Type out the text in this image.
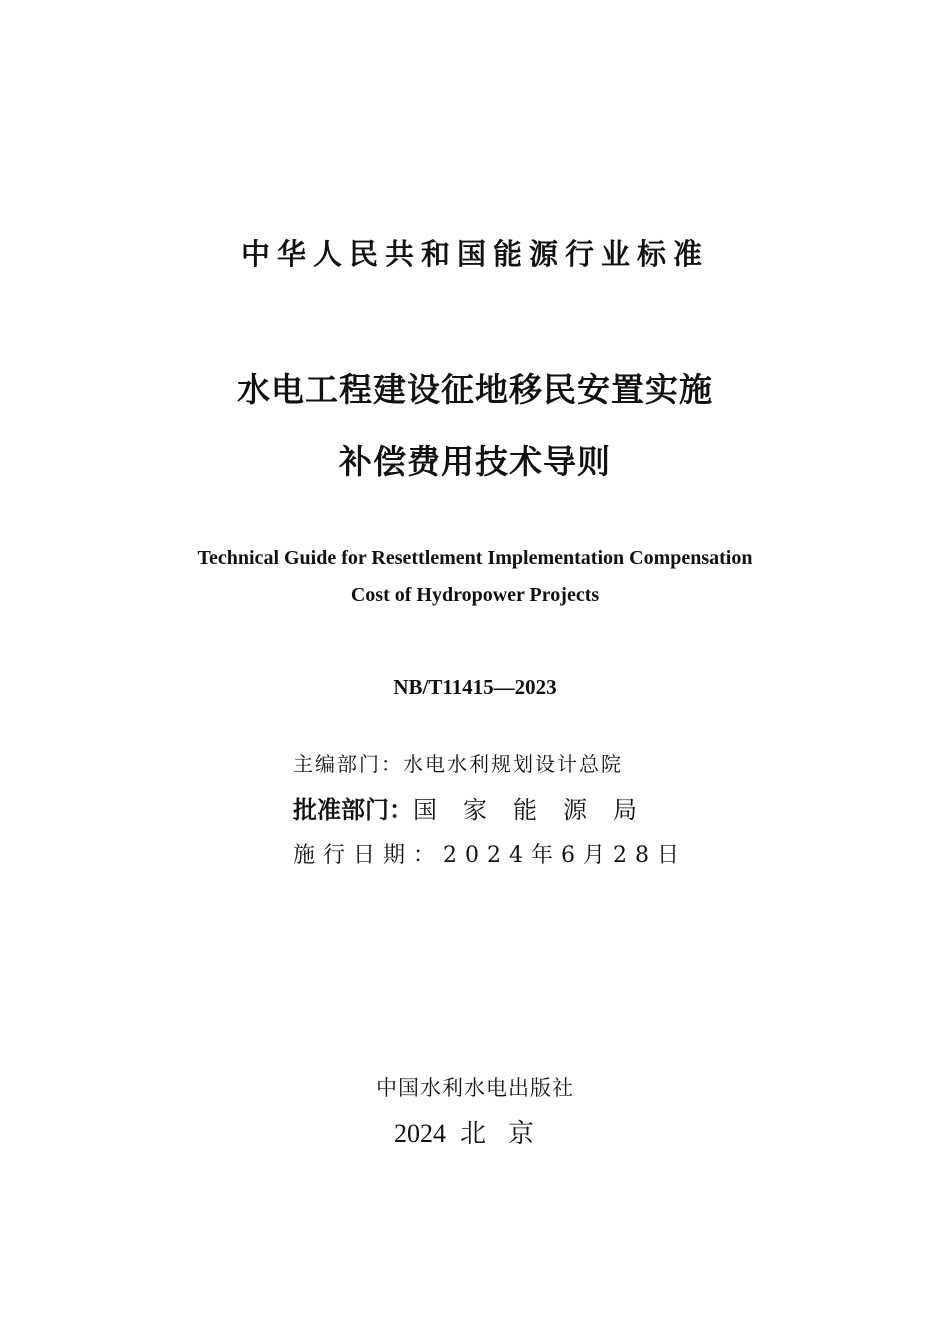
中华人民共和国能源行业标准
水电工程建设征地移民安置实施
补偿费用技术导则
Technical Guide for Resettlement Implementation Compensation
Cost of Hydropower Projects
NB/T11415—2023
主编部门：水电水利规划设计总院
批准部门：国家能源局
施行日期：2024年6月28日
中国水利水电出版社
2024 北京
